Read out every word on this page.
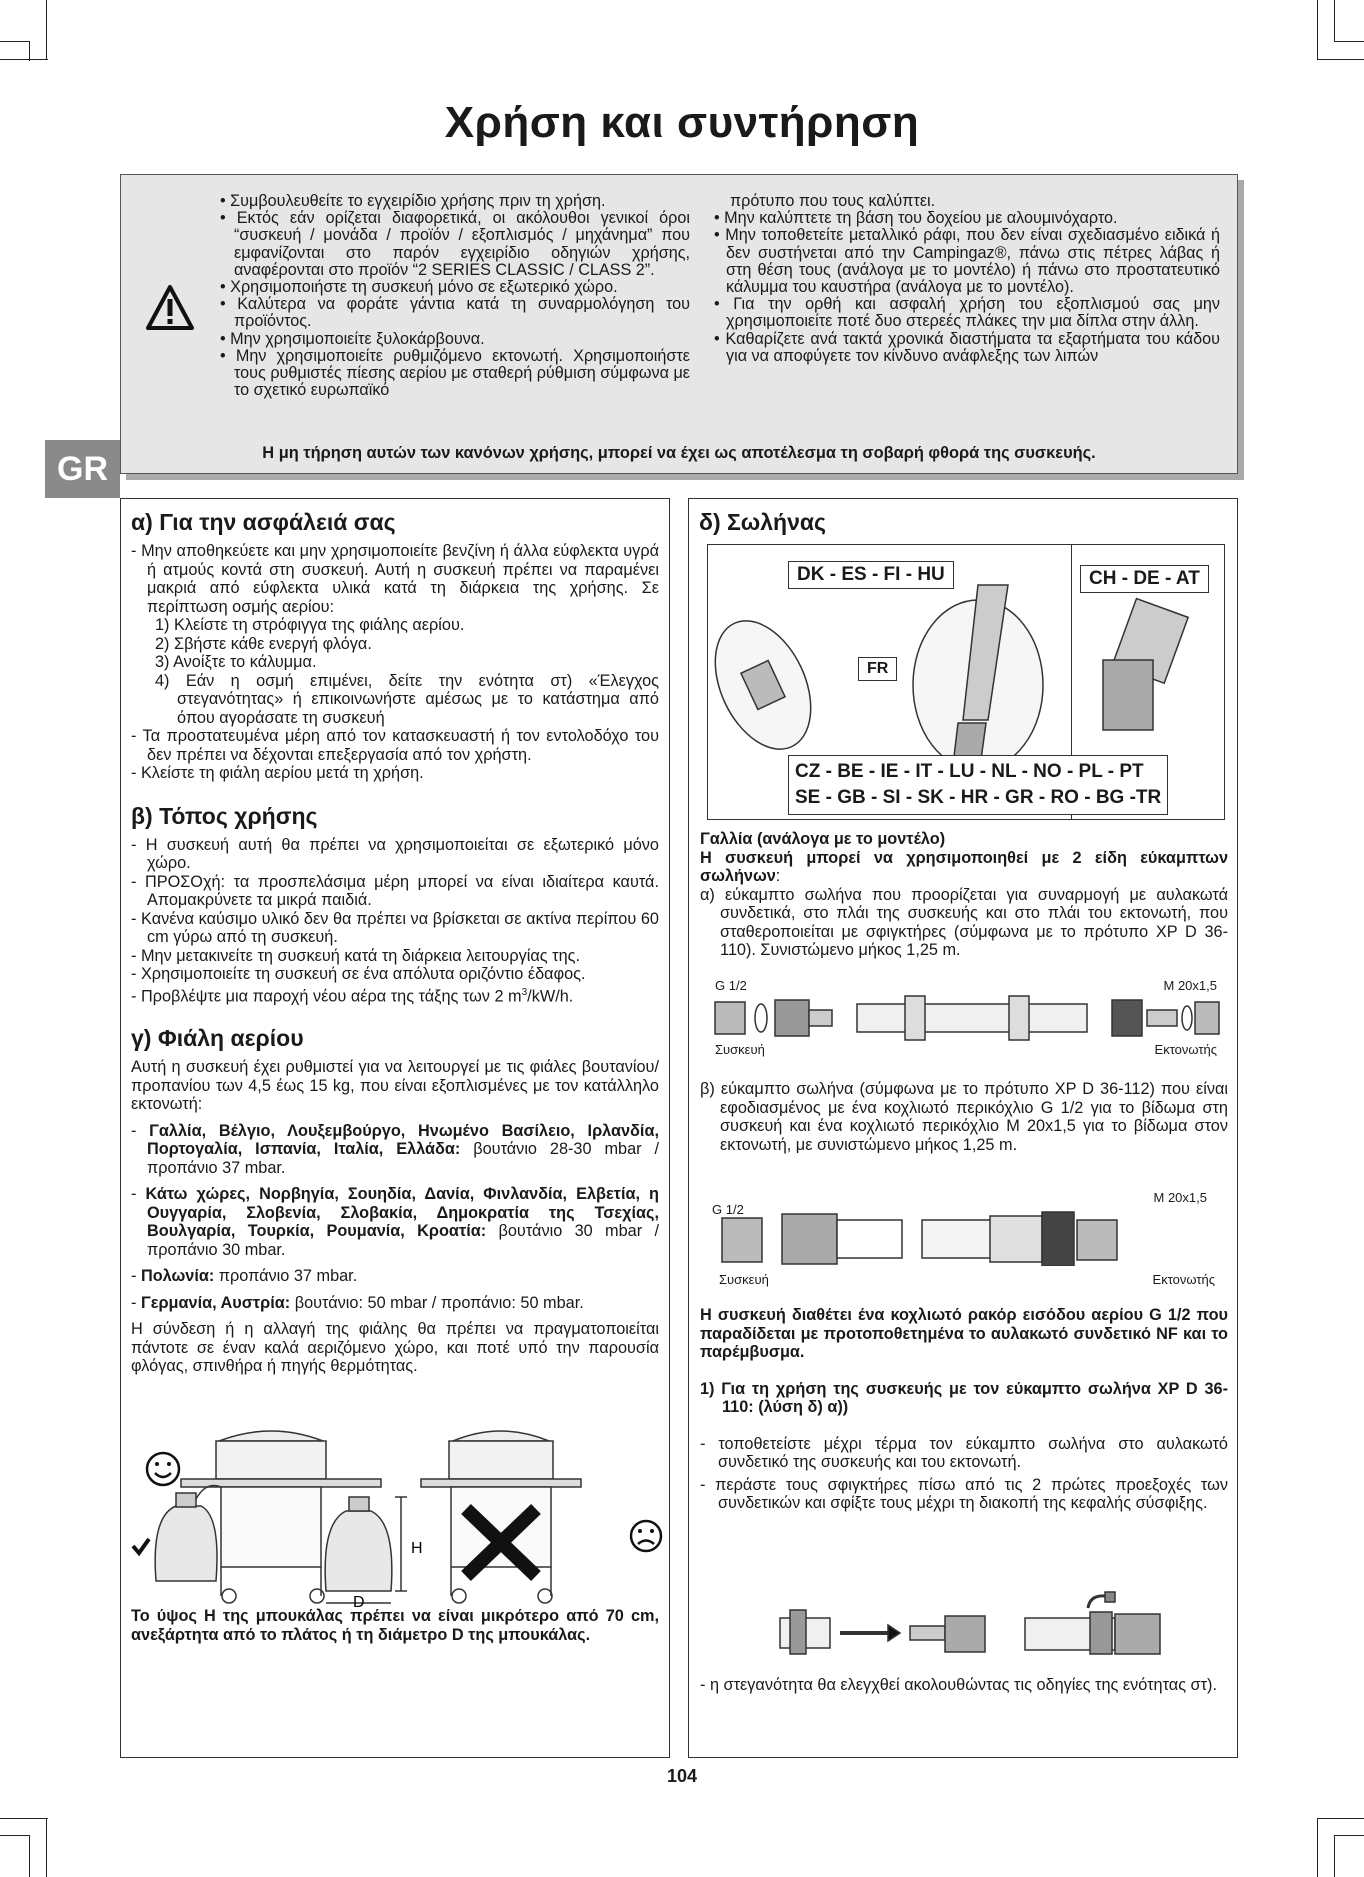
Χρήση και συντήρηση
GR
• Συμβουλευθείτε το εγχειρίδιο χρήσης πριν τη χρήση.
• Εκτός εάν ορίζεται διαφορετικά, οι ακόλουθοι γενικοί όροι “συσκευή / μονάδα / προϊόν / εξοπλισμός / μηχάνημα” που εμφανίζονται στο παρόν εγχειρίδιο οδηγιών χρήσης, αναφέρονται στο προϊόν “2 SERIES CLASSIC / CLASS 2”.
• Χρησιμοποιήστε τη συσκευή μόνο σε εξωτερικό χώρο.
• Καλύτερα να φοράτε γάντια κατά τη συναρμολόγηση του προϊόντος.
• Μην χρησιμοποιείτε ξυλοκάρβουνα.
• Μην χρησιμοποιείτε ρυθμιζόμενο εκτονωτή. Χρησιμοποιήστε τους ρυθμιστές πίεσης αερίου με σταθερή ρύθμιση σύμφωνα με το σχετικό ευρωπαϊκό
πρότυπο που τους καλύπτει.
• Μην καλύπτετε τη βάση του δοχείου με αλουμινόχαρτο.
• Μην τοποθετείτε μεταλλικό ράφι, που δεν είναι σχεδιασμένο ειδικά ή δεν συστήνεται από την Campingaz®, πάνω στις πέτρες λάβας ή στη θέση τους (ανάλογα με το μοντέλο) ή πάνω στο προστατευτικό κάλυμμα του καυστήρα (ανάλογα με το μοντέλο).
• Για την ορθή και ασφαλή χρήση του εξοπλισμού σας μην χρησιμοποιείτε ποτέ δυο στερεές πλάκες την μια δίπλα στην άλλη.
• Καθαρίζετε ανά τακτά χρονικά διαστήματα τα εξαρτήματα του κάδου για να αποφύγετε τον κίνδυνο ανάφλεξης των λιπών
Η μη τήρηση αυτών των κανόνων χρήσης, μπορεί να έχει ως αποτέλεσμα τη σοβαρή φθορά της συσκευής.
α) Για την ασφάλειά σας
- Μην αποθηκεύετε και μην χρησιμοποιείτε βενζίνη ή άλλα εύφλεκτα υγρά ή ατμούς κοντά στη συσκευή. Αυτή η συσκευή πρέπει να παραμένει μακριά από εύφλεκτα υλικά κατά τη διάρκεια της χρήσης. Σε περίπτωση οσμής αερίου:
1) Κλείστε τη στρόφιγγα της φιάλης αερίου.
2) Σβήστε κάθε ενεργή φλόγα.
3) Ανοίξτε το κάλυμμα.
4) Εάν η οσμή επιμένει, δείτε την ενότητα στ) «Έλεγχος στεγανότητας» ή επικοινωνήστε αμέσως με το κατάστημα από όπου αγοράσατε τη συσκευή
- Τα προστατευμένα μέρη από τον κατασκευαστή ή τον εντολοδόχο του δεν πρέπει να δέχονται επεξεργασία από τον χρήστη.
- Κλείστε τη φιάλη αερίου μετά τη χρήση.
β) Τόπος χρήσης
- Η συσκευή αυτή θα πρέπει να χρησιμοποιείται σε εξωτερικό μόνο χώρο.
- ΠΡΟΣΟχή: τα προσπελάσιμα μέρη μπορεί να είναι ιδιαίτερα καυτά. Απομακρύνετε τα μικρά παιδιά.
- Κανένα καύσιμο υλικό δεν θα πρέπει να βρίσκεται σε ακτίνα περίπου 60 cm γύρω από τη συσκευή.
- Μην μετακινείτε τη συσκευή κατά τη διάρκεια λειτουργίας της.
- Χρησιμοποιείτε τη συσκευή σε ένα απόλυτα οριζόντιο έδαφος.
- Προβλέψτε μια παροχή νέου αέρα της τάξης των 2 $m^3/kW/h$.
γ) Φιάλη αερίου
Αυτή η συσκευή έχει ρυθμιστεί για να λειτουργεί με τις φιάλες βουτανίου/προπανίου των 4,5 έως 15 kg, που είναι εξοπλισμένες με τον κατάλληλο εκτονωτή:
- Γαλλία, Βέλγιο, Λουξεμβούργο, Ηνωμένο Βασίλειο, Ιρλανδία, Πορτογαλία, Ισπανία, Ιταλία, Ελλάδα: βουτάνιο 28-30 mbar / προπάνιο 37 mbar.
- Κάτω χώρες, Νορβηγία, Σουηδία, Δανία, Φινλανδία, Ελβετία, η Ουγγαρία, Σλοβενία, Σλοβακία, Δημοκρατία της Τσεχίας, Βουλγαρία, Τουρκία, Ρουμανία, Κροατία: βουτάνιο 30 mbar / προπάνιο 30 mbar.
- Πολωνία: προπάνιο 37 mbar.
- Γερμανία, Αυστρία: βουτάνιο: 50 mbar / προπάνιο: 50 mbar.
Η σύνδεση ή η αλλαγή της φιάλης θα πρέπει να πραγματοποιείται πάντοτε σε έναν καλά αεριζόμενο χώρο, και ποτέ υπό την παρουσία φλόγας, σπινθήρα ή πηγής θερμότητας.
H
D
Το ύψος Η της μπουκάλας πρέπει να είναι μικρότερο από 70 cm, ανεξάρτητα από το πλάτος ή τη διάμετρο D της μπουκάλας.
δ) Σωλήνας
DK - ES - FI - HU	CH - DE - AT
FR
CZ - BE - IE - IT - LU - NL - NO - PL - PT
SE - GB - SI - SK - HR - GR - RO - BG -TR
Γαλλία (ανάλογα με το μοντέλο)
Η συσκευή μπορεί να χρησιμοποιηθεί με 2 είδη εύκαμπτων σωλήνων:
α) εύκαμπτο σωλήνα που προορίζεται για συναρμογή με αυλακωτά συνδετικά, στο πλάι της συσκευής και στο πλάι του εκτονωτή, που σταθεροποιείται με σφιγκτήρες (σύμφωνα με το πρότυπο XP D 36-110). Συνιστώμενο μήκος 1,25 m.
G 1/2	M 20x1,5
Συσκευή	Εκτονωτής
β) εύκαμπτο σωλήνα (σύμφωνα με το πρότυπο XP D 36-112) που είναι εφοδιασμένος με ένα κοχλιωτό περικόχλιο G 1/2 για το βίδωμα στη συσκευή και ένα κοχλιωτό περικόχλιο M 20x1,5 για το βίδωμα στον εκτονωτή, με συνιστώμενο μήκος 1,25 m.
G 1/2
M 20x1,5
Συσκευή	Εκτονωτής
Η συσκευή διαθέτει ένα κοχλιωτό ρακόρ εισόδου αερίου G 1/2 που παραδίδεται με προτοποθετημένα το αυλακωτό συνδετικό NF και το παρέμβυσμα.
1) Για τη χρήση της συσκευής με τον εύκαμπτο σωλήνα XP D 36-110: (λύση δ) α))
- τοποθετείστε μέχρι τέρμα τον εύκαμπτο σωλήνα στο αυλακωτό συνδετικό της συσκευής και του εκτονωτή.
- περάστε τους σφιγκτήρες πίσω από τις 2 πρώτες προεξοχές των συνδετικών και σφίξτε τους μέχρι τη διακοπή της κεφαλής σύσφιξης.
- η στεγανότητα θα ελεγχθεί ακολουθώντας τις οδηγίες της ενότητας στ).
104
